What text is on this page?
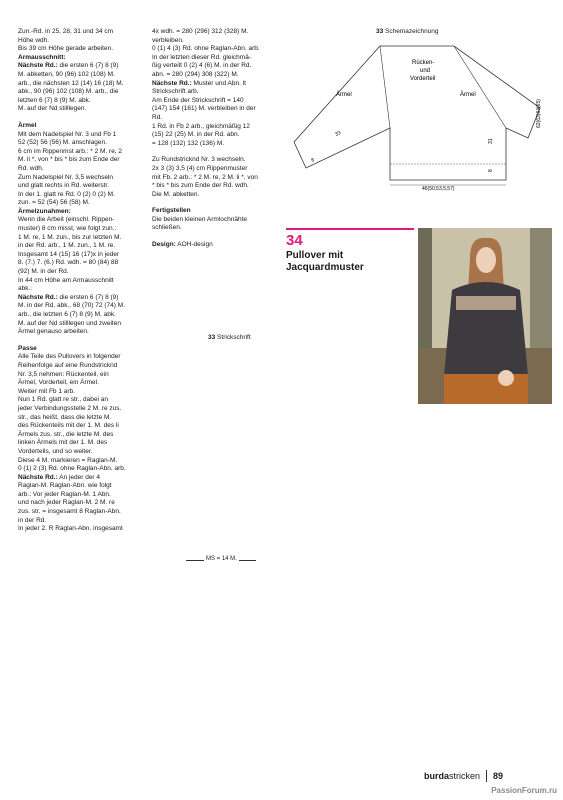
Zun.-Rd. in 25, 28, 31 und 34 cm

Höhe wdh.

Bis 39 cm Höhe gerade arbeiten.

Armausschnitt:

Nächste Rd.: die ersten 6 (7) 8 (9)

M. abketten, 90 (96) 102 (108) M.

arb., die nächsten 12 (14) 16 (18) M.

abk., 90 (96) 102 (108) M. arb., die

letzten 6 (7) 8 (9) M. abk.

M. auf der Nd stilllegen.

Ärmel

Mit dem Nadelspiel Nr. 3 und Fb 1

52 (52) 56 (56) M. anschlagen.

6 cm im Rippenmst arb.: * 2 M. re, 2

M. li *, von * bis * bis zum Ende der

Rd. wdh.

Zum Nadelspiel Nr. 3,5 wechseln

und glatt rechts in Rd. weiterstr.

In der 1. glatt re Rd. 0 (2) 0 (2) M.

zun. = 52 (54) 56 (58) M.

Ärmelzunahmen:

Wenn die Arbeit (einschl. Rippen-

muster) 8 cm misst, wie folgt zun.:

1 M. re, 1 M. zun., bis zur letzten M.

in der Rd. arb., 1 M. zun., 1 M. re.

Insgesamt 14 (15) 16 (17)x in jeder

8. (7.) 7. (6.) Rd. wdh. = 80 (84) 88

(92) M. in der Rd.

In 44 cm Höhe am Armausschnitt

abk.:

Nächste Rd.: die ersten 6 (7) 8 (9)

M. in der Rd. abk., 68 (70) 72 (74) M.

arb., die letzten 6 (7) 8 (9) M. abk.

M. auf der Nd stilllegen und zweiten

Ärmel genauso arbeiten.

Passe

Alle Teile des Pullovers in folgender

Reihenfolge auf eine Rundstricknd

Nr. 3,5 nehmen: Rückenteil, ein

Ärmel, Vorderteil, ein Ärmel.

Weiter mit Fb 1 arb.

Nun 1 Rd. glatt re str., dabei an

jeder Verbindungsstelle 2 M. re zus.

str., das heißt, dass die letzte M.

des Rückenteils mit der 1. M. des li

Ärmels zus. str., die letzte M. des

linken Ärmels mit der 1. M. des

Vorderteils, und so weiter.

Diese 4 M. markieren = Raglan-M.

0 (1) 2 (3) Rd. ohne Raglan-Abn. arb.

Nächste Rd.: An jeder der 4

Raglan-M. Raglan-Abn. wie folgt

arb.: Vor jeder Raglan-M. 1 Abn.

und nach jeder Raglan-M. 2 M. re

zus. str. = insgesamt 8 Raglan-Abn.

in der Rd.

In jeder 2. R Raglan-Abn. insgesamt

4x wdh. = 280 (296) 312 (328) M.

verbleiben.

0 (1) 4 (3) Rd. ohne Raglan-Abn. arb.

In der letzten dieser Rd. gleichmä-

ßig verteilt 0 (2) 4 (6) M. in der Rd.

abn. = 280 (294) 308 (322) M.

Nächste Rd.: Muster und Abn. lt

Strickschrift arb.

Am Ende der Strickschrift = 140

(147) 154 (161) M. verbleiben in der

Rd.

1 Rd. in Fb 2 arb., gleichmäßig 12

(15) 22 (25) M. in der Rd. abn.

= 128 (132) 132 (136) M.

Zu Rundstricknd Nr. 3 wechseln.

2x 3 (3) 3,5 (4) cm Rippenmuster

mit Fb. 2 arb.: * 2 M. re, 2 M. li *, von

* bis * bis zum Ende der Rd. wdh.

Die M. abketten.

Fertigstellen

Die beiden kleinen Armlochnähte

schließen.

Design: AOH-design

33 Strickschrift
MS = 14 M.
33 Schemazeichnung
Rücken-
und
Vorderteil
Ärmel	Ärmel
62(63)64(65)
33
8
31
8
46(50,53,5,57)
34
Pullover mit
Jacquardmuster
burda stricken 89
PassionForum.ru
